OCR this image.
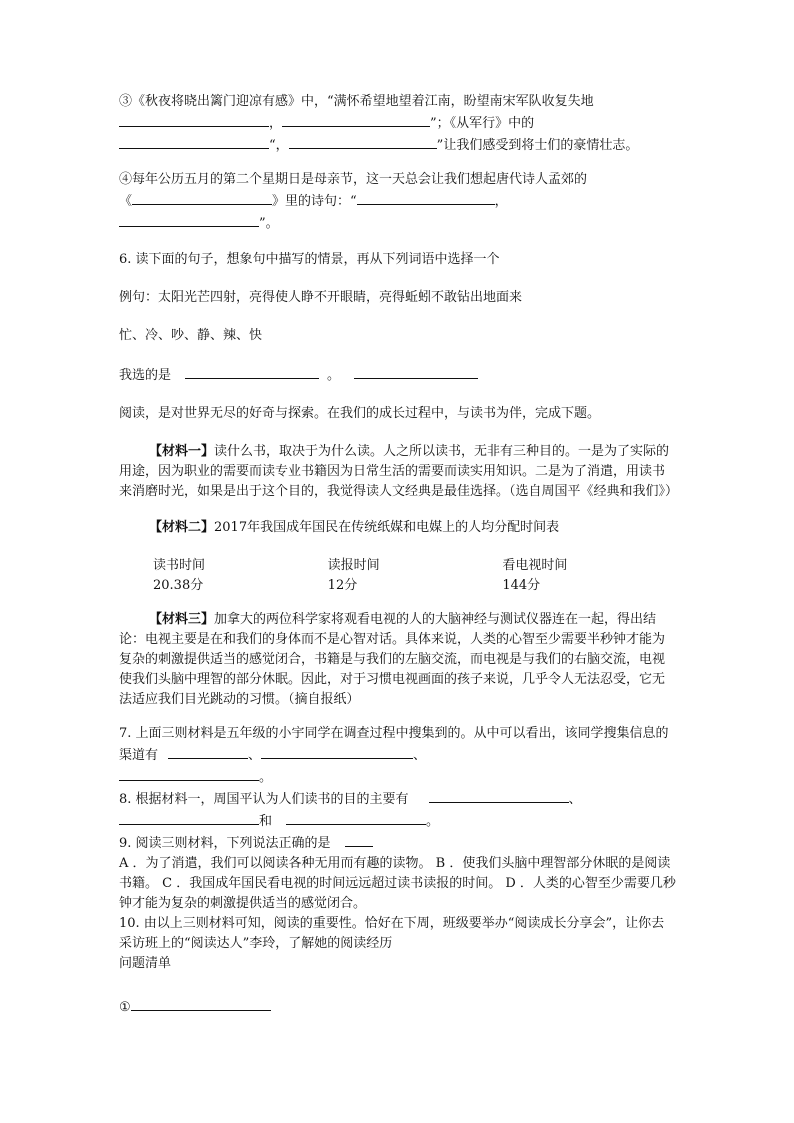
③《秋夜将晓出篱门迎凉有感》中，“满怀希望地望着江南，盼望南宋军队收复失地

，	”；《从军行》中的

“，	”让我们感受到将士们的豪情壮志。

④每年公历五月的第二个星期日是母亲节，这一天总会让我们想起唐代诗人孟郊的

《	》里的诗句：“	，

”。

6. 读下面的句子，想象句中描写的情景，再从下列词语中选择一个

例句：太阳光芒四射，亮得使人睁不开眼睛，亮得蚯蚓不敢钻出地面来

忙、冷、吵、静、辣、快

我选的是	。

阅读，是对世界无尽的好奇与探索。在我们的成长过程中，与读书为伴，完成下题。

【材料一】读什么书，取决于为什么读。人之所以读书，无非有三种目的。一是为了实际的用途，因为职业的需要而读专业书籍因为日常生活的需要而读实用知识。二是为了消遣，用读书来消磨时光，如果是出于这个目的，我觉得读人文经典是最佳选择。（选自周国平《经典和我们》）

【材料二】2017年我国成年国民在传统纸媒和电媒上的人均分配时间表

读书时间	读报时间	看电视时间
20.38分	12分	144分

【材料三】加拿大的两位科学家将观看电视的人的大脑神经与测试仪器连在一起，得出结论：电视主要是在和我们的身体而不是心智对话。具体来说，人类的心智至少需要半秒钟才能为复杂的刺激提供适当的感觉闭合，书籍是与我们的左脑交流，而电视是与我们的右脑交流，电视使我们头脑中理智的部分休眠。因此，对于习惯电视画面的孩子来说，几乎令人无法忍受，它无法适应我们目光跳动的习惯。（摘自报纸）

7. 上面三则材料是五年级的小宇同学在调查过程中搜集到的。从中可以看出，该同学搜集信息的渠道有	、	、
。

8. 根据材料一，周国平认为人们读书的目的主要有	、
和	。

9. 阅读三则材料，下列说法正确的是

A ．为了消遣，我们可以阅读各种无用而有趣的读物。 B ．使我们头脑中理智部分休眠的是阅读书籍。 C ．我国成年国民看电视的时间远远超过读书读报的时间。 D ．人类的心智至少需要几秒钟才能为复杂的刺激提供适当的感觉闭合。

10. 由以上三则材料可知，阅读的重要性。恰好在下周，班级要举办“阅读成长分享会”，让你去采访班上的“阅读达人”李玲，了解她的阅读经历

问题清单

①
